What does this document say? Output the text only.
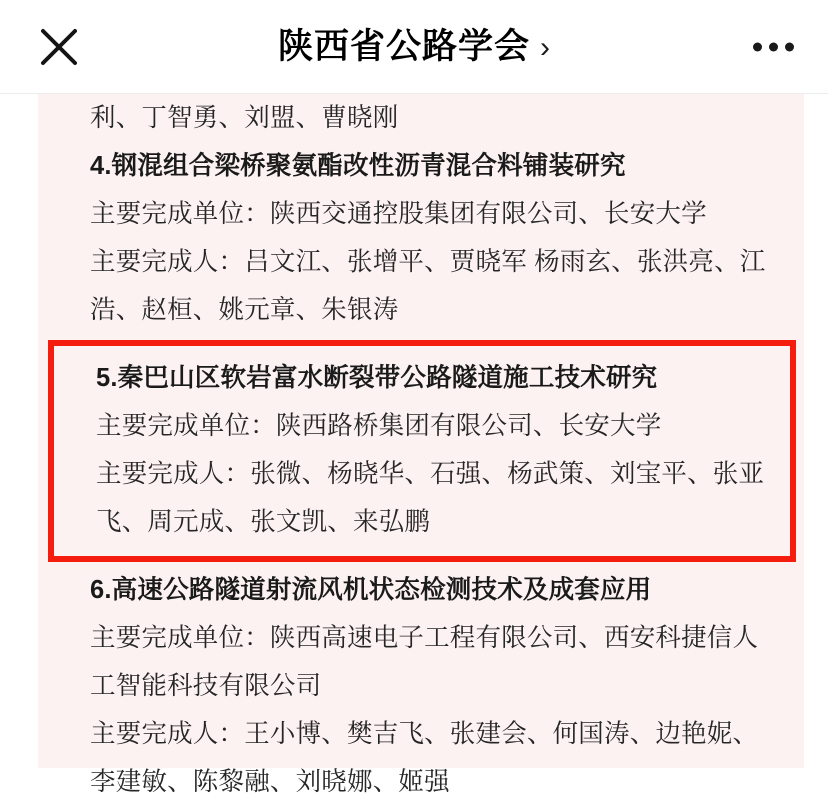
陕西省公路学会 ›
利、丁智勇、刘盟、曹晓刚
4.钢混组合梁桥聚氨酯改性沥青混合料铺装研究
主要完成单位：陕西交通控股集团有限公司、长安大学
主要完成人：吕文江、张增平、贾晓军 杨雨玄、张洪亮、江
浩、赵桓、姚元章、朱银涛
5.秦巴山区软岩富水断裂带公路隧道施工技术研究
主要完成单位：陕西路桥集团有限公司、长安大学
主要完成人：张微、杨晓华、石强、杨武策、刘宝平、张亚
飞、周元成、张文凯、来弘鹏
6.高速公路隧道射流风机状态检测技术及成套应用
主要完成单位：陕西高速电子工程有限公司、西安科捷信人
工智能科技有限公司
主要完成人：王小博、樊吉飞、张建会、何国涛、边艳妮、
李建敏、陈黎融、刘晓娜、姬强
